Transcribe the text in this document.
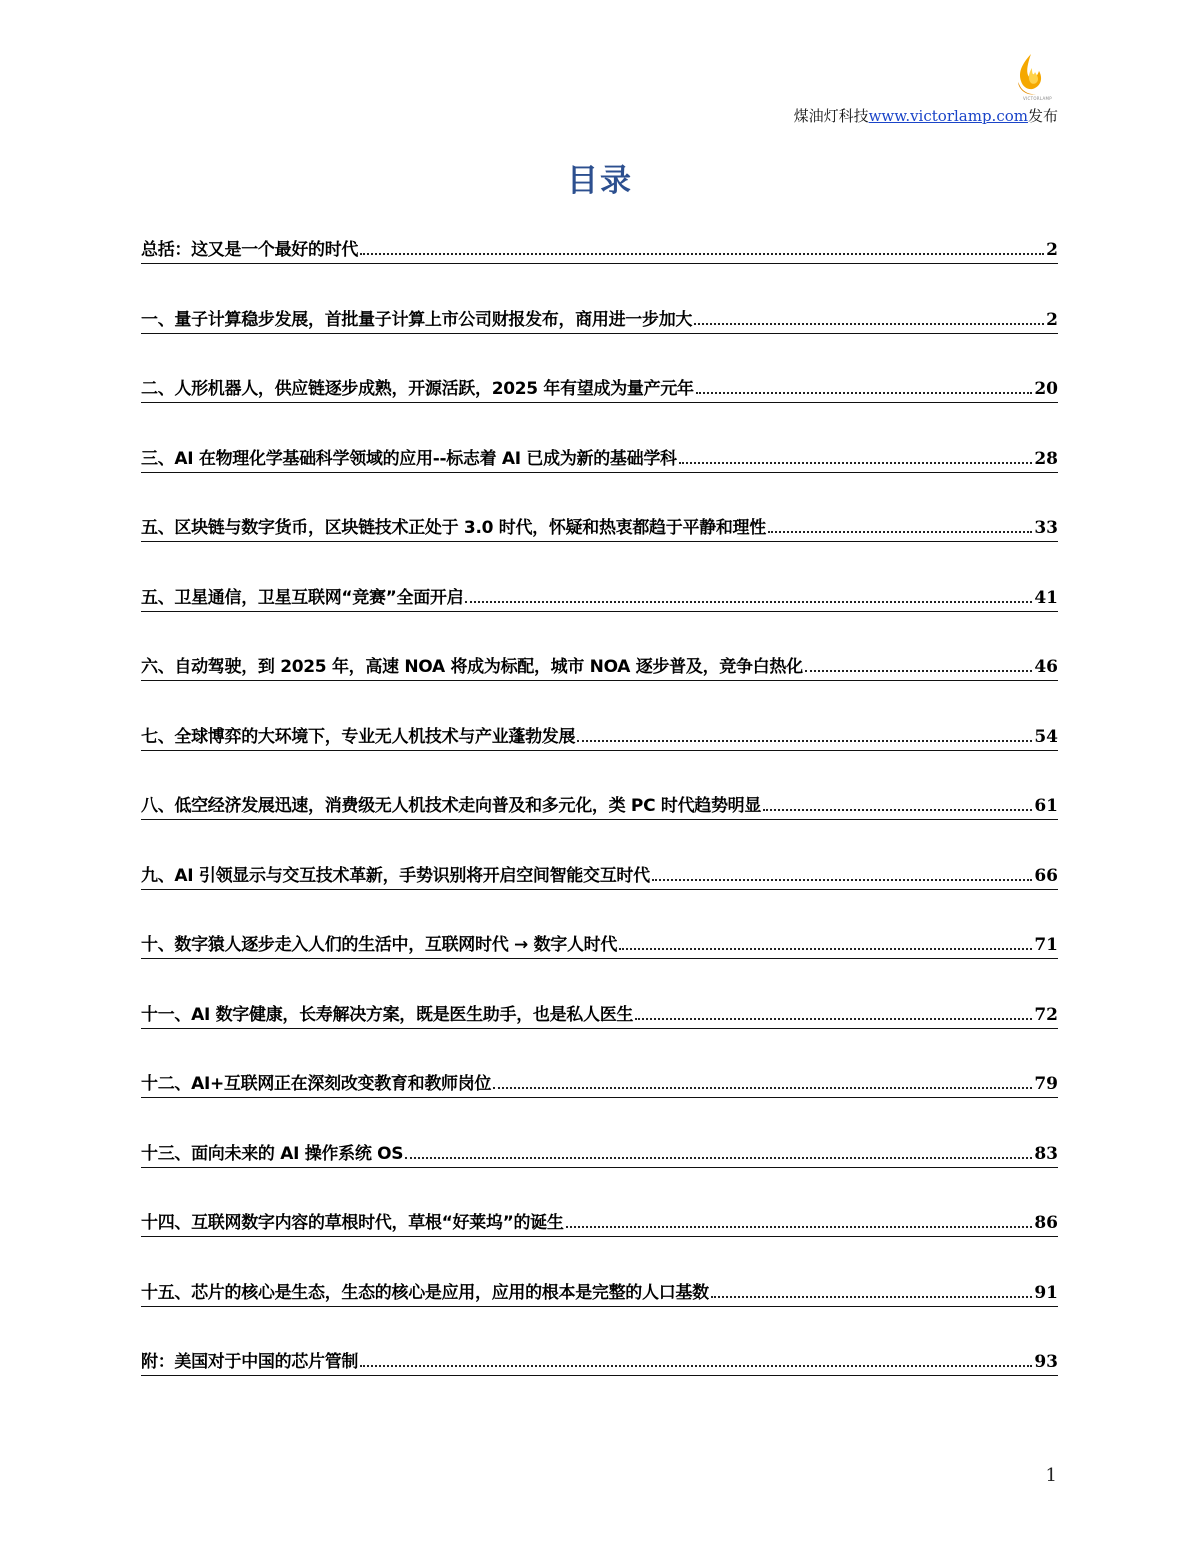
VICTORLAMP
煤油灯科技www.victorlamp.com发布
目录
总括：这又是一个最好的时代	2
一、量子计算稳步发展，首批量子计算上市公司财报发布，商用进一步加大	2
二、人形机器人，供应链逐步成熟，开源活跃，2025 年有望成为量产元年	20
三、AI 在物理化学基础科学领域的应用--标志着 AI 已成为新的基础学科	28
五、区块链与数字货币，区块链技术正处于 3.0 时代，怀疑和热衷都趋于平静和理性	33
五、卫星通信，卫星互联网“竞赛”全面开启	41
六、自动驾驶，到 2025 年，高速 NOA 将成为标配，城市 NOA 逐步普及，竞争白热化	46
七、全球博弈的大环境下，专业无人机技术与产业蓬勃发展	54
八、低空经济发展迅速，消费级无人机技术走向普及和多元化，类 PC 时代趋势明显	61
九、AI 引领显示与交互技术革新，手势识别将开启空间智能交互时代	66
十、数字猿人逐步走入人们的生活中，互联网时代 → 数字人时代	71
十一、AI 数字健康，长寿解决方案，既是医生助手，也是私人医生	72
十二、AI+互联网正在深刻改变教育和教师岗位	79
十三、面向未来的 AI 操作系统 OS	83
十四、互联网数字内容的草根时代，草根“好莱坞”的诞生	86
十五、芯片的核心是生态，生态的核心是应用，应用的根本是完整的人口基数	91
附：美国对于中国的芯片管制	93
1
